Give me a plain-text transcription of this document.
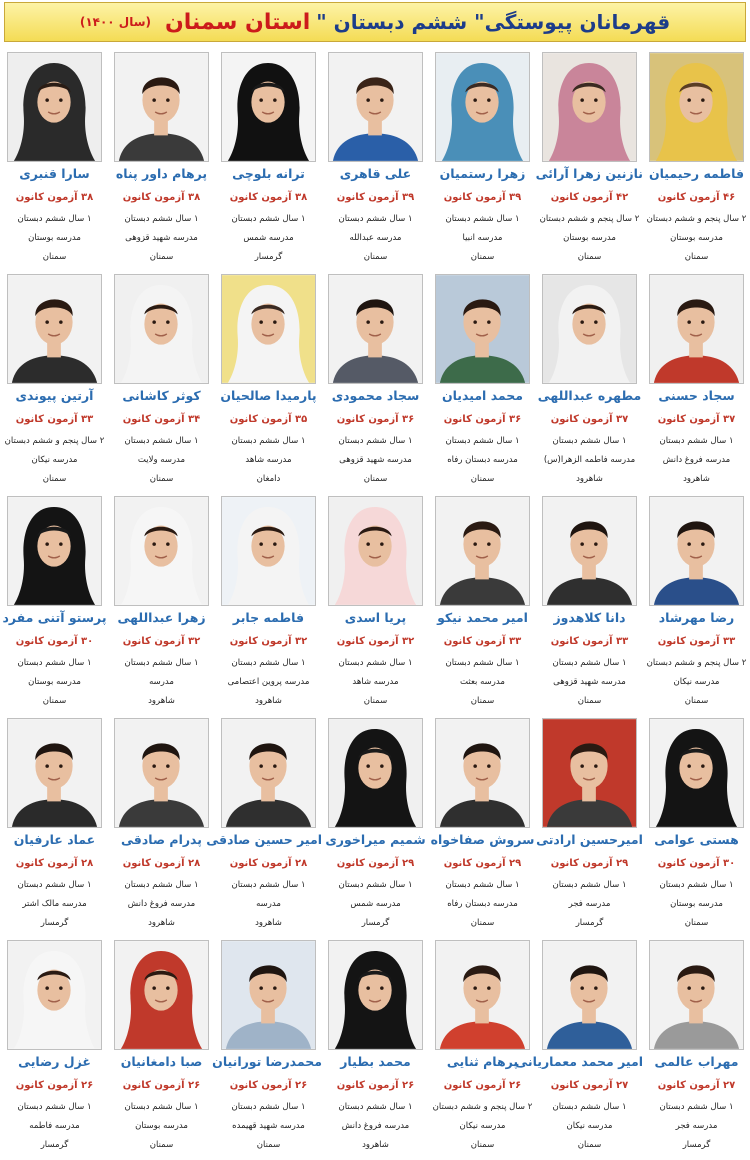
قهرمانان پیوستگی" ششم دبستان "
استان سمنان
(سال ۱۴۰۰)
فاطمه رحیمیان
۴۶ آزمون کانون
۲ سال پنجم و ششم دبستان
مدرسه بوستان
سمنان
نازنین زهرا آرائی
۴۲ آزمون کانون
۲ سال پنجم و ششم دبستان
مدرسه بوستان
سمنان
زهرا رستمیان
۳۹ آزمون کانون
۱ سال ششم دبستان
مدرسه انبیا
سمنان
علی قاهری
۳۹ آزمون کانون
۱ سال ششم دبستان
مدرسه عبدالله
سمنان
ترانه بلوچی
۳۸ آزمون کانون
۱ سال ششم دبستان
مدرسه شمس
گرمسار
پرهام داور پناه
۳۸ آزمون کانون
۱ سال ششم دبستان
مدرسه شهید قزوهی
سمنان
سارا قنبری
۳۸ آزمون کانون
۱ سال ششم دبستان
مدرسه بوستان
سمنان
سجاد حسنی
۳۷ آزمون کانون
۱ سال ششم دبستان
مدرسه فروغ دانش
شاهرود
مطهره عبداللهی
۳۷ آزمون کانون
۱ سال ششم دبستان
مدرسه فاطمه الزهرا(س)
شاهرود
محمد امیدیان
۳۶ آزمون کانون
۱ سال ششم دبستان
مدرسه دبستان رفاه
سمنان
سجاد محمودی
۳۶ آزمون کانون
۱ سال ششم دبستان
مدرسه شهید قزوهی
سمنان
پارمیدا صالحیان
۳۵ آزمون کانون
۱ سال ششم دبستان
مدرسه شاهد
دامغان
کوثر کاشانی
۳۴ آزمون کانون
۱ سال ششم دبستان
مدرسه ولایت
سمنان
آرتین پیوندی
۳۳ آزمون کانون
۲ سال پنجم و ششم دبستان
مدرسه نیکان
سمنان
رضا مهرشاد
۳۳ آزمون کانون
۲ سال پنجم و ششم دبستان
مدرسه نیکان
سمنان
دانا کلاهدوز
۳۳ آزمون کانون
۱ سال ششم دبستان
مدرسه شهید قزوهی
سمنان
امیر محمد نیکو
۳۳ آزمون کانون
۱ سال ششم دبستان
مدرسه بعثت
سمنان
پریا اسدی
۳۲ آزمون کانون
۱ سال ششم دبستان
مدرسه شاهد
سمنان
فاطمه جابر
۳۲ آزمون کانون
۱ سال ششم دبستان
مدرسه پروین اعتصامی
شاهرود
زهرا عبداللهی
۳۲ آزمون کانون
۱ سال ششم دبستان
مدرسه
شاهرود
پرستو آتنی مفرد
۳۰ آزمون کانون
۱ سال ششم دبستان
مدرسه بوستان
سمنان
هستی عوامی
۳۰ آزمون کانون
۱ سال ششم دبستان
مدرسه بوستان
سمنان
امیرحسین ارادتی
۲۹ آزمون کانون
۱ سال ششم دبستان
مدرسه فجر
گرمسار
سروش صفاخواه
۲۹ آزمون کانون
۱ سال ششم دبستان
مدرسه دبستان رفاه
سمنان
شمیم میراخوری
۲۹ آزمون کانون
۱ سال ششم دبستان
مدرسه شمس
گرمسار
امیر حسین صادقی
۲۸ آزمون کانون
۱ سال ششم دبستان
مدرسه
شاهرود
پدرام صادقی
۲۸ آزمون کانون
۱ سال ششم دبستان
مدرسه فروغ دانش
شاهرود
عماد عارفیان
۲۸ آزمون کانون
۱ سال ششم دبستان
مدرسه مالک اشتر
گرمسار
مهراب عالمی
۲۷ آزمون کانون
۱ سال ششم دبستان
مدرسه فجر
گرمسار
امیر محمد معماریانی
۲۷ آزمون کانون
۱ سال ششم دبستان
مدرسه نیکان
سمنان
پرهام ثنایی
۲۶ آزمون کانون
۲ سال پنجم و ششم دبستان
مدرسه نیکان
سمنان
محمد بطیار
۲۶ آزمون کانون
۱ سال ششم دبستان
مدرسه فروغ دانش
شاهرود
محمدرضا تورانیان
۲۶ آزمون کانون
۱ سال ششم دبستان
مدرسه شهید قهیمده
سمنان
صبا دامغانیان
۲۶ آزمون کانون
۱ سال ششم دبستان
مدرسه بوستان
سمنان
غزل رضایی
۲۶ آزمون کانون
۱ سال ششم دبستان
مدرسه فاطمه
گرمسار
